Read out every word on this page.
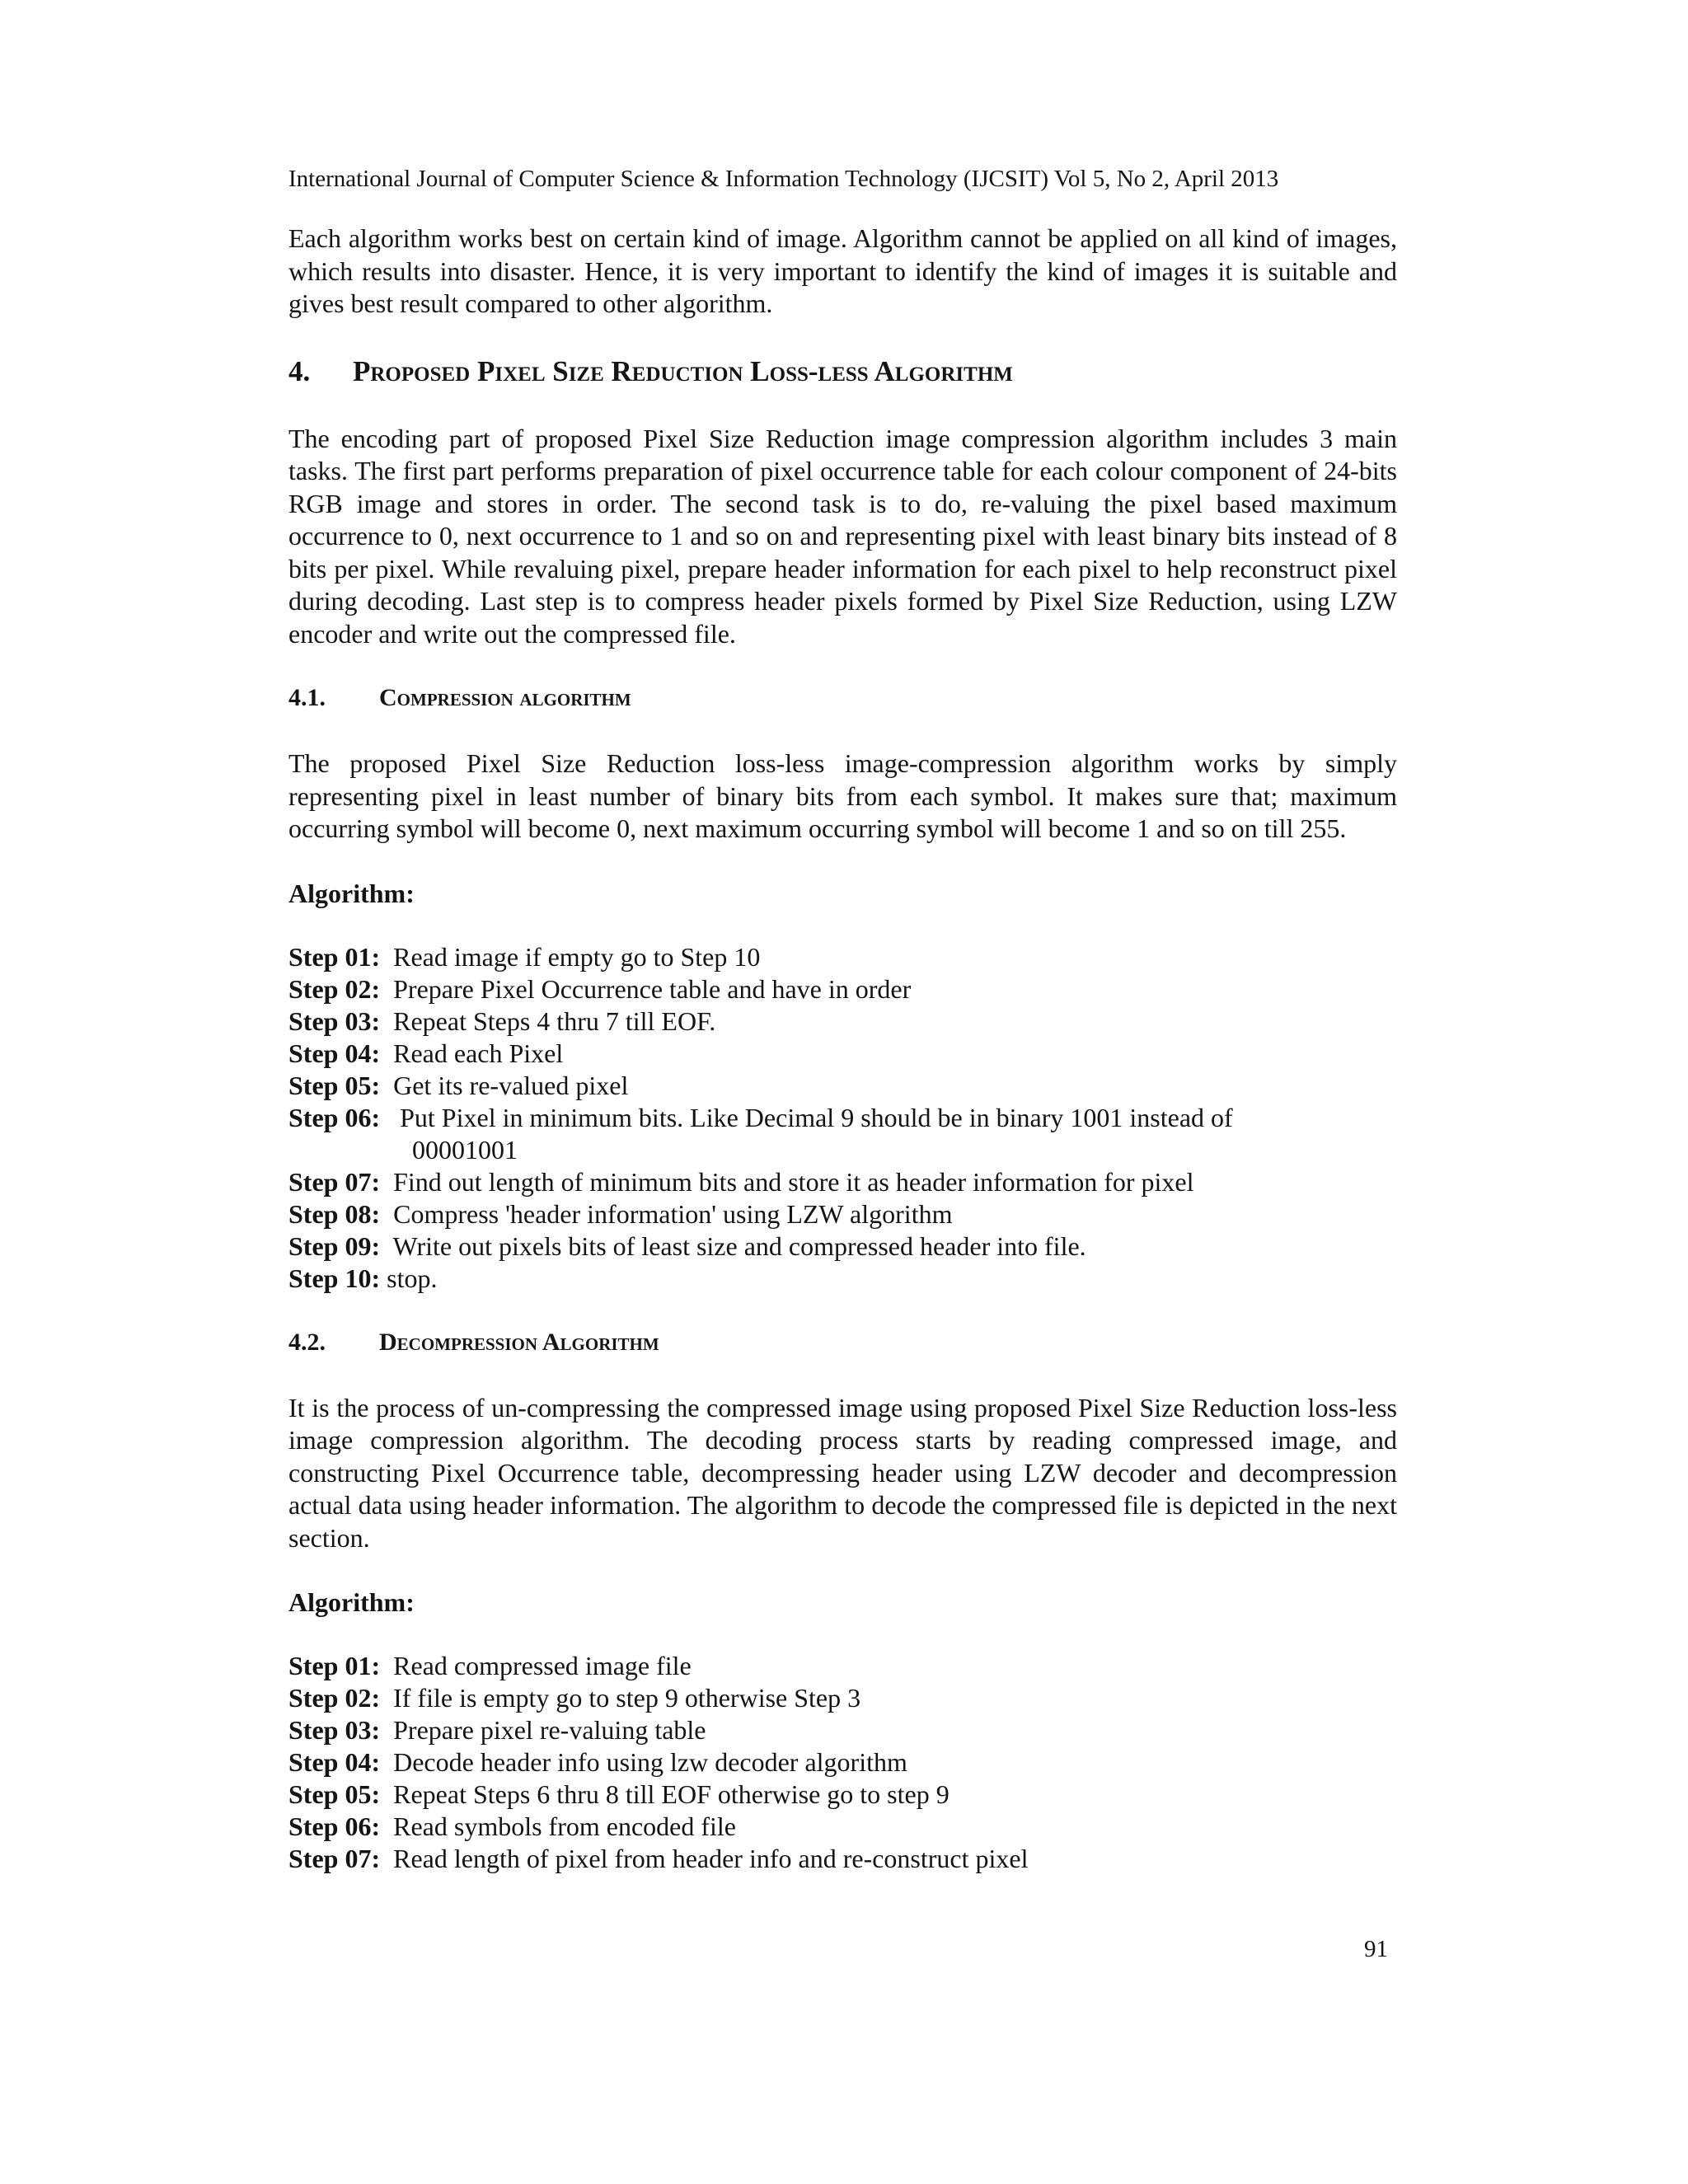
International Journal of Computer Science & Information Technology (IJCSIT) Vol 5, No 2, April 2013

Each algorithm works best on certain kind of image. Algorithm cannot be applied on all kind of images, which results into disaster. Hence, it is very important to identify the kind of images it is suitable and gives best result compared to other algorithm.

4.	Proposed Pixel Size Reduction Loss-less Algorithm

The encoding part of proposed Pixel Size Reduction image compression algorithm includes 3 main tasks. The first part performs preparation of pixel occurrence table for each colour component of 24-bits RGB image and stores in order. The second task is to do, re-valuing the pixel based maximum occurrence to 0, next occurrence to 1 and so on and representing pixel with least binary bits instead of 8 bits per pixel. While revaluing pixel, prepare header information for each pixel to help reconstruct pixel during decoding. Last step is to compress header pixels formed by Pixel Size Reduction, using LZW encoder and write out the compressed file.

4.1.	Compression algorithm

The proposed Pixel Size Reduction loss-less image-compression algorithm works by simply representing pixel in least number of binary bits from each symbol. It makes sure that; maximum occurring symbol will become 0, next maximum occurring symbol will become 1 and so on till 255.

Algorithm:

Step 01: Read image if empty go to Step 10
Step 02: Prepare Pixel Occurrence table and have in order
Step 03: Repeat Steps 4 thru 7 till EOF.
Step 04: Read each Pixel
Step 05: Get its re-valued pixel
Step 06: Put Pixel in minimum bits. Like Decimal 9 should be in binary 1001 instead of
00001001
Step 07: Find out length of minimum bits and store it as header information for pixel
Step 08: Compress 'header information' using LZW algorithm
Step 09: Write out pixels bits of least size and compressed header into file.
Step 10: stop.
4.2.	Decompression Algorithm

It is the process of un-compressing the compressed image using proposed Pixel Size Reduction loss-less image compression algorithm. The decoding process starts by reading compressed image, and constructing Pixel Occurrence table, decompressing header using LZW decoder and decompression actual data using header information. The algorithm to decode the compressed file is depicted in the next section.

Algorithm:

Step 01: Read compressed image file
Step 02: If file is empty go to step 9 otherwise Step 3
Step 03: Prepare pixel re-valuing table
Step 04: Decode header info using lzw decoder algorithm
Step 05: Repeat Steps 6 thru 8 till EOF otherwise go to step 9
Step 06: Read symbols from encoded file
Step 07: Read length of pixel from header info and re-construct pixel
91
